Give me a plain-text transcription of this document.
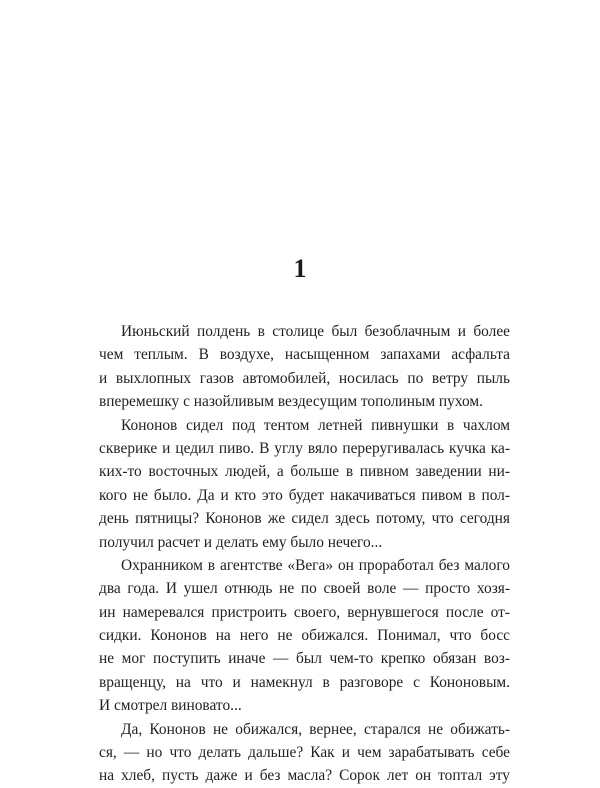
1
Июньский полдень в столице был безоблачным и более
чем теплым. В воздухе, насыщенном запахами асфальта
и выхлопных газов автомобилей, носилась по ветру пыль
вперемешку с назойливым вездесущим тополиным пухом.
Кононов сидел под тентом летней пивнушки в чахлом
скверике и цедил пиво. В углу вяло переругивалась кучка ка-
ких-то восточных людей, а больше в пивном заведении ни-
кого не было. Да и кто это будет накачиваться пивом в пол-
день пятницы? Кононов же сидел здесь потому, что сегодня
получил расчет и делать ему было нечего...
Охранником в агентстве «Вега» он проработал без малого
два года. И ушел отнюдь не по своей воле — просто хозя-
ин намеревался пристроить своего, вернувшегося после от-
сидки. Кононов на него не обижался. Понимал, что босс
не мог поступить иначе — был чем-то крепко обязан воз-
вращенцу, на что и намекнул в разговоре с Кононовым.
И смотрел виновато...
Да, Кононов не обижался, вернее, старался не обижать-
ся, — но что делать дальше? Как и чем зарабатывать себе
на хлеб, пусть даже и без масла? Сорок лет он топтал эту
